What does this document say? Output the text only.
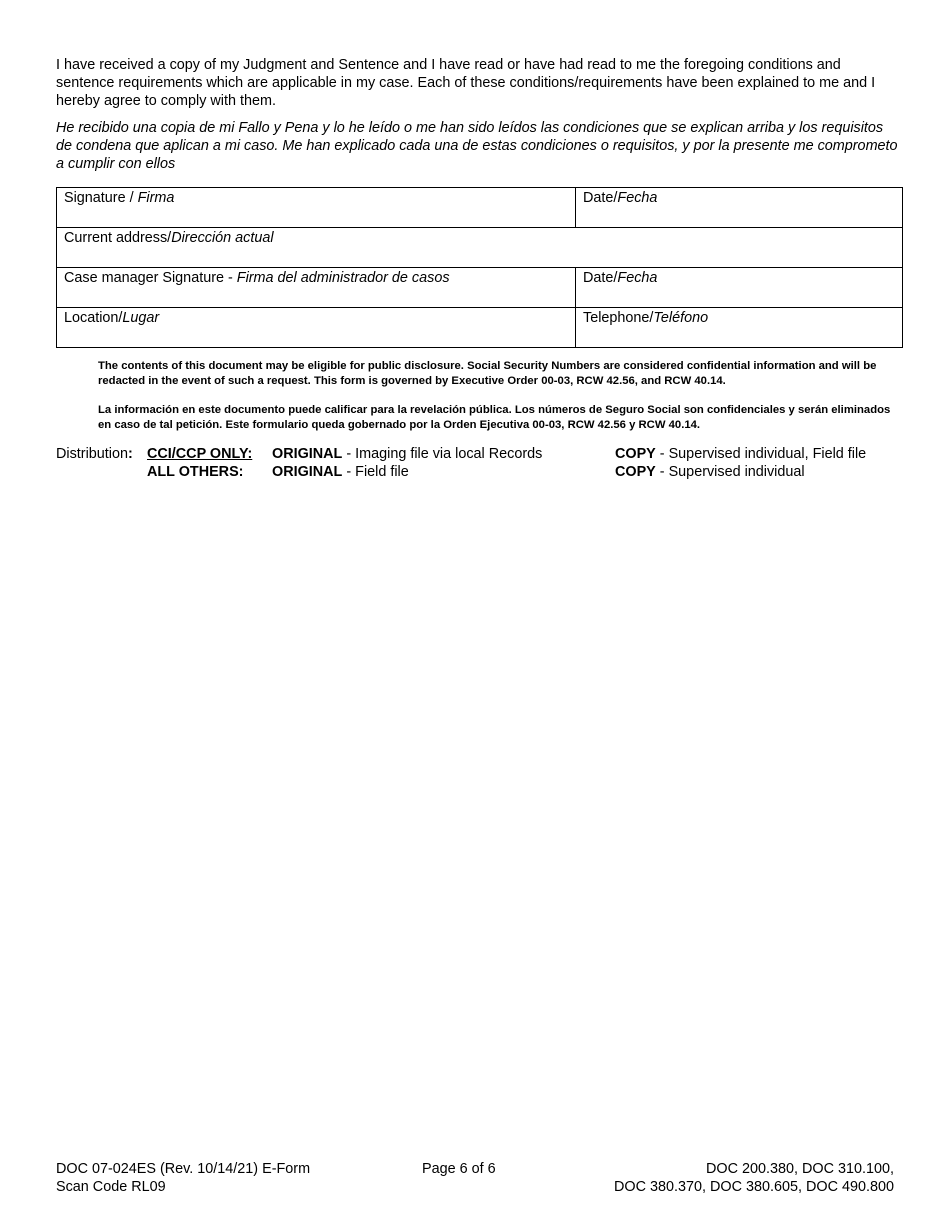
I have received a copy of my Judgment and Sentence and I have read or have had read to me the foregoing conditions and sentence requirements which are applicable in my case. Each of these conditions/requirements have been explained to me and I hereby agree to comply with them.
He recibido una copia de mi Fallo y Pena y lo he leído o me han sido leídos las condiciones que se explican arriba y los requisitos de condena que aplican a mi caso. Me han explicado cada una de estas condiciones o requisitos, y por la presente me comprometo a cumplir con ellos
Signature / Firma	Date/Fecha
Current address/Dirección actual	
Case manager Signature - Firma del administrador de casos	Date/Fecha
Location/Lugar	Telephone/Teléfono
The contents of this document may be eligible for public disclosure. Social Security Numbers are considered confidential information and will be redacted in the event of such a request. This form is governed by Executive Order 00-03, RCW 42.56, and RCW 40.14.
La información en este documento puede calificar para la revelación pública. Los números de Seguro Social son confidenciales y serán eliminados en caso de tal petición. Este formulario queda gobernado por la Orden Ejecutiva 00-03, RCW 42.56 y RCW 40.14.
Distribution: CCI/CCP ONLY: ORIGINAL - Imaging file via local Records	COPY - Supervised individual, Field file
ALL OTHERS: ORIGINAL - Field file	COPY - Supervised individual
DOC 07-024ES (Rev. 10/14/21) E-Form
Scan Code RL09
Page 6 of 6	DOC 200.380, DOC 310.100,
DOC 380.370, DOC 380.605, DOC 490.800
